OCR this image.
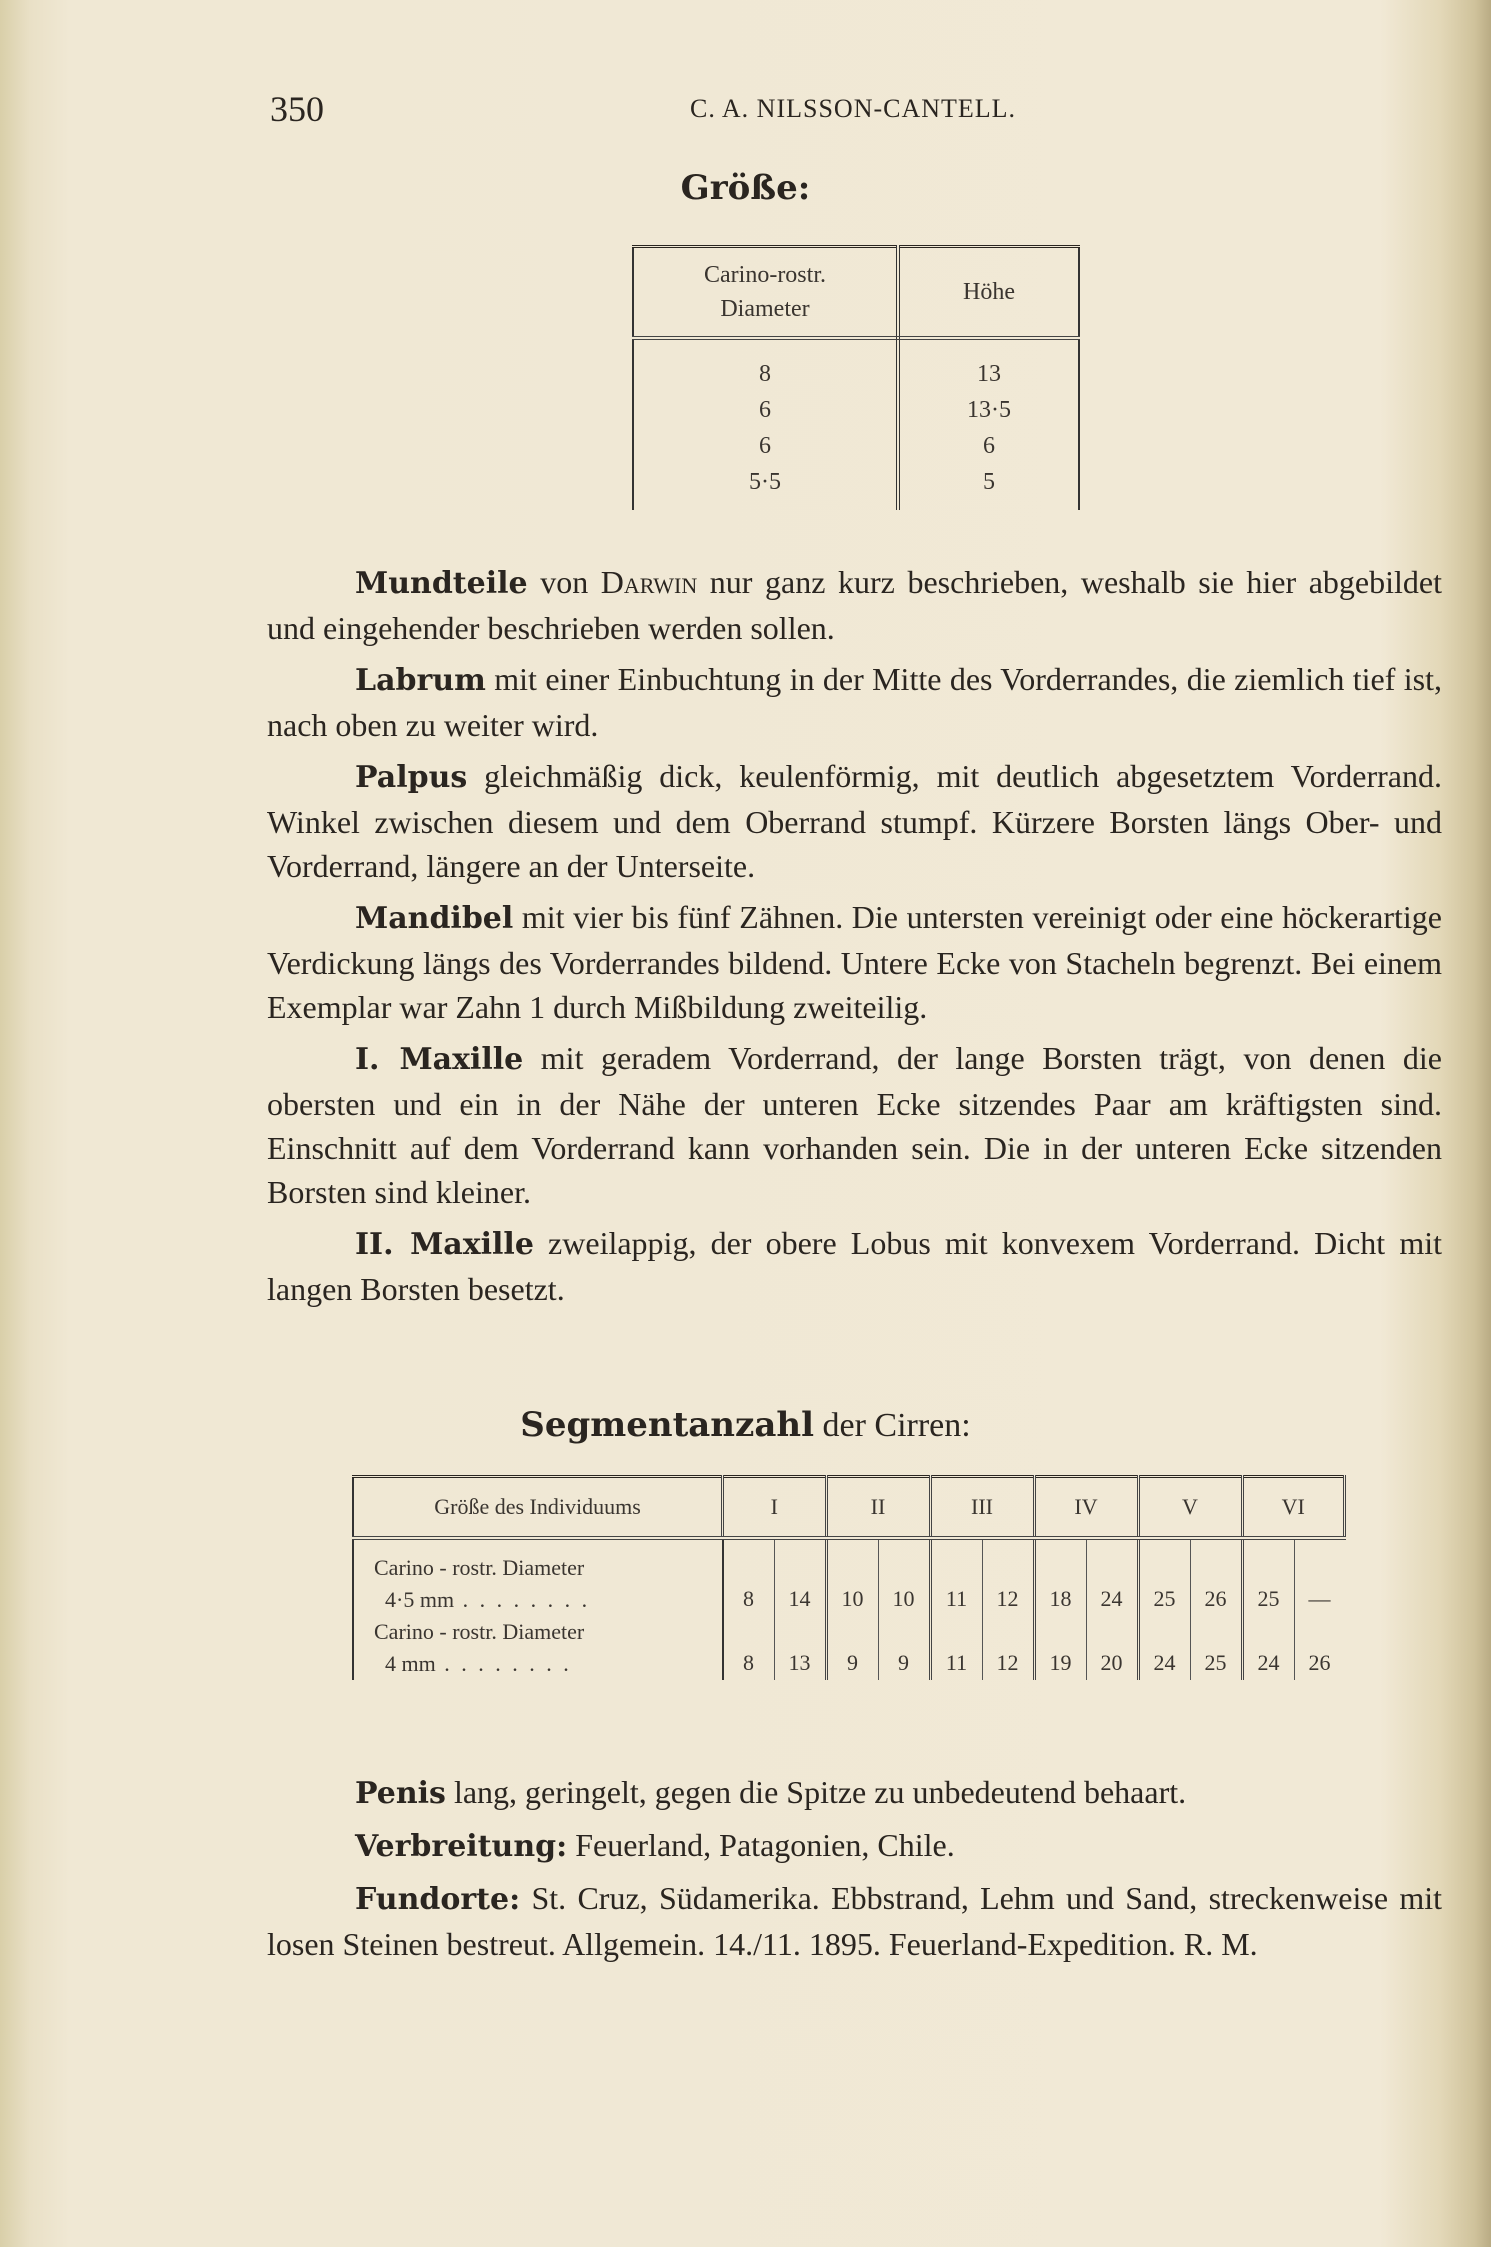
350	C. A. NILSSON-CANTELL.
Größe:
Carino-rostr.
Diameter	Höhe
8	13
6	13·5
6	6
5·5	5

Mundteile von Darwin nur ganz kurz beschrieben, weshalb sie hier abgebildet und eingehender beschrieben werden sollen.

Labrum mit einer Einbuchtung in der Mitte des Vorderrandes, die ziemlich tief ist, nach oben zu weiter wird.

Palpus gleichmäßig dick, keulenförmig, mit deutlich abgesetztem Vorderrand. Winkel zwischen diesem und dem Oberrand stumpf. Kürzere Borsten längs Ober- und Vorderrand, längere an der Unterseite.

Mandibel mit vier bis fünf Zähnen. Die untersten vereinigt oder eine höckerartige Verdickung längs des Vorderrandes bildend. Untere Ecke von Stacheln begrenzt. Bei einem Exemplar war Zahn 1 durch Mißbildung zweiteilig.

I. Maxille mit geradem Vorderrand, der lange Borsten trägt, von denen die obersten und ein in der Nähe der unteren Ecke sitzendes Paar am kräftigsten sind. Einschnitt auf dem Vorderrand kann vorhanden sein. Die in der unteren Ecke sitzenden Borsten sind kleiner.

II. Maxille zweilappig, der obere Lobus mit konvexem Vorderrand. Dicht mit langen Borsten besetzt.

Segmentanzahl der Cirren:
Größe des Individuums	I		II		III		IV		V		VI	
Carino - rostr. Diameter
4·5 mm . . . . . . . .	8	14	10	10	11	12	18	24	25	26	25	—
Carino - rostr. Diameter
4 mm . . . . . . . .	8	13	9	9	11	12	19	20	24	25	24	26

Penis lang, geringelt, gegen die Spitze zu unbedeutend behaart.

Verbreitung: Feuerland, Patagonien, Chile.

Fundorte: St. Cruz, Südamerika. Ebbstrand, Lehm und Sand, streckenweise mit losen Steinen bestreut. Allgemein. 14./11. 1895. Feuerland-Expedition. R. M.
